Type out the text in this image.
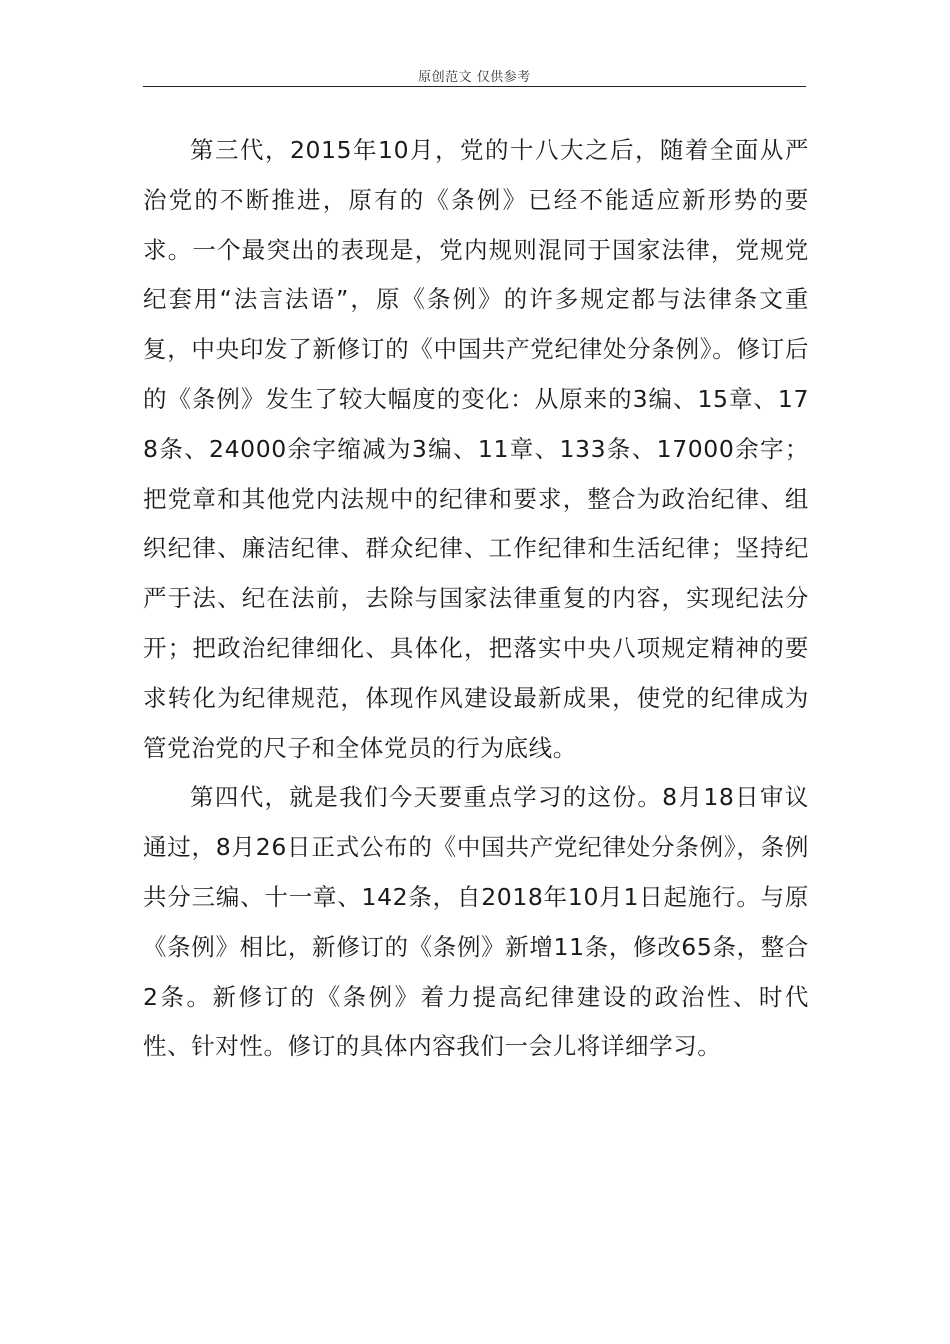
原创范文 仅供参考

第三代，2015年10月，党的十八大之后，随着全面从严治党的不断推进，原有的《条例》已经不能适应新形势的要求。一个最突出的表现是，党内规则混同于国家法律，党规党纪套用“法言法语”，原《条例》的许多规定都与法律条文重复，中央印发了新修订的《中国共产党纪律处分条例》。修订后的《条例》发生了较大幅度的变化：从原来的3编、15章、178条、24000余字缩减为3编、11章、133条、17000余字；把党章和其他党内法规中的纪律和要求，整合为政治纪律、组织纪律、廉洁纪律、群众纪律、工作纪律和生活纪律；坚持纪严于法、纪在法前，去除与国家法律重复的内容，实现纪法分开；把政治纪律细化、具体化，把落实中央八项规定精神的要求转化为纪律规范，体现作风建设最新成果，使党的纪律成为管党治党的尺子和全体党员的行为底线。

第四代，就是我们今天要重点学习的这份。8月18日审议通过，8月26日正式公布的《中国共产党纪律处分条例》，条例共分三编、十一章、142条，自2018年10月1日起施行。与原《条例》相比，新修订的《条例》新增11条，修改65条，整合2条。新修订的《条例》着力提高纪律建设的政治性、时代性、针对性。修订的具体内容我们一会儿将详细学习。
